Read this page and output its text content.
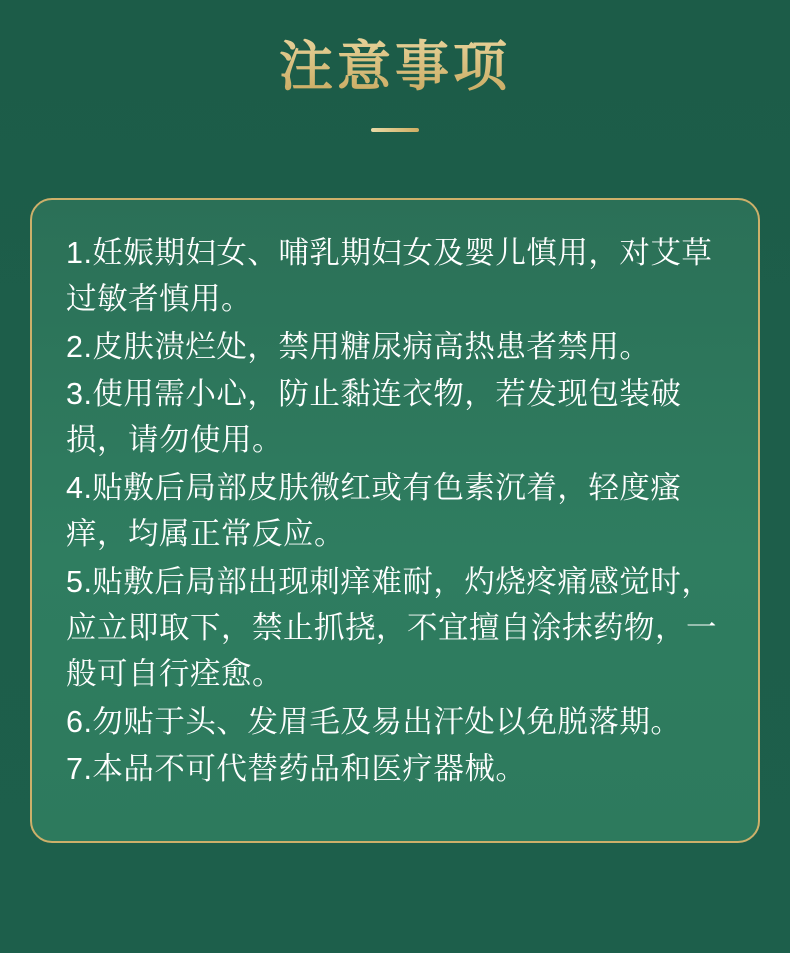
注意事项
1.妊娠期妇女、哺乳期妇女及婴儿慎用，对艾草过敏者慎用。
2.皮肤溃烂处，禁用糖尿病高热患者禁用。
3.使用需小心，防止黏连衣物，若发现包装破损，请勿使用。
4.贴敷后局部皮肤微红或有色素沉着，轻度瘙痒，均属正常反应。
5.贴敷后局部出现刺痒难耐，灼烧疼痛感觉时，应立即取下，禁止抓挠，不宜擅自涂抹药物，一般可自行痊愈。
6.勿贴于头、发眉毛及易出汗处以免脱落期。
7.本品不可代替药品和医疗器械。
